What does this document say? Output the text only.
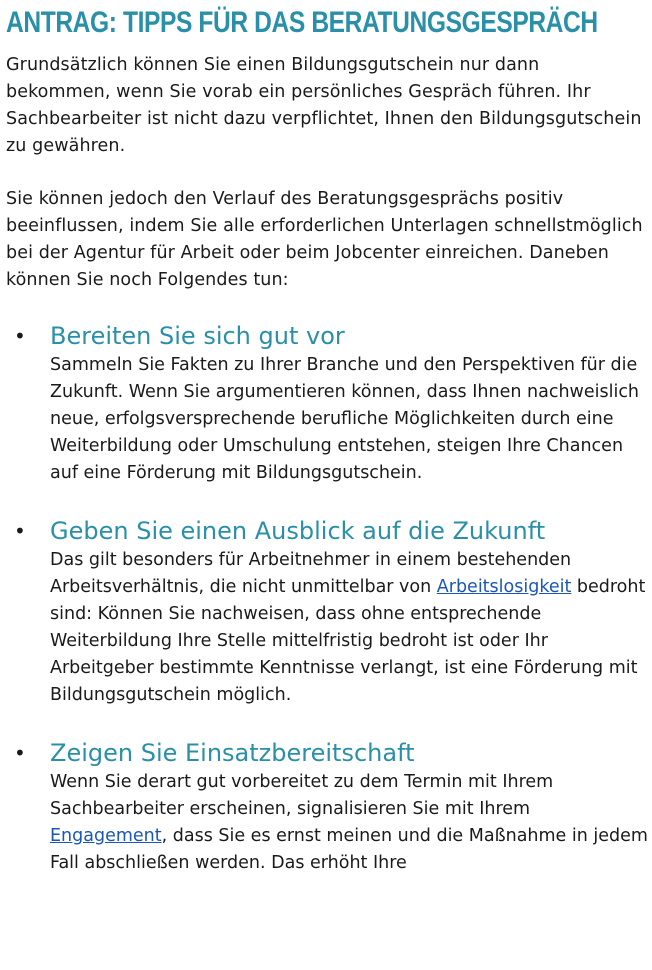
ANTRAG: TIPPS FÜR DAS BERATUNGSGESPRÄCH

Grundsätzlich können Sie einen Bildungsgutschein nur dann bekommen, wenn Sie vorab ein persönliches Gespräch führen. Ihr Sachbearbeiter ist nicht dazu verpflichtet, Ihnen den Bildungsgutschein zu gewähren.

Sie können jedoch den Verlauf des Beratungsgesprächs positiv beeinflussen, indem Sie alle erforderlichen Unterlagen schnellstmöglich bei der Agentur für Arbeit oder beim Jobcenter einreichen. Daneben können Sie noch Folgendes tun:

• Bereiten Sie sich gut vor
Sammeln Sie Fakten zu Ihrer Branche und den Perspektiven für die Zukunft. Wenn Sie argumentieren können, dass Ihnen nachweislich neue, erfolgsversprechende berufliche Möglichkeiten durch eine Weiterbildung oder Umschulung entstehen, steigen Ihre Chancen auf eine Förderung mit Bildungsgutschein.
• Geben Sie einen Ausblick auf die Zukunft
Das gilt besonders für Arbeitnehmer in einem bestehenden Arbeitsverhältnis, die nicht unmittelbar von Arbeitslosigkeit bedroht sind: Können Sie nachweisen, dass ohne entsprechende Weiterbildung Ihre Stelle mittelfristig bedroht ist oder Ihr Arbeitgeber bestimmte Kenntnisse verlangt, ist eine Förderung mit Bildungsgutschein möglich.
• Zeigen Sie Einsatzbereitschaft
Wenn Sie derart gut vorbereitet zu dem Termin mit Ihrem Sachbearbeiter erscheinen, signalisieren Sie mit Ihrem Engagement, dass Sie es ernst meinen und die Maßnahme in jedem Fall abschließen werden. Das erhöht Ihre
